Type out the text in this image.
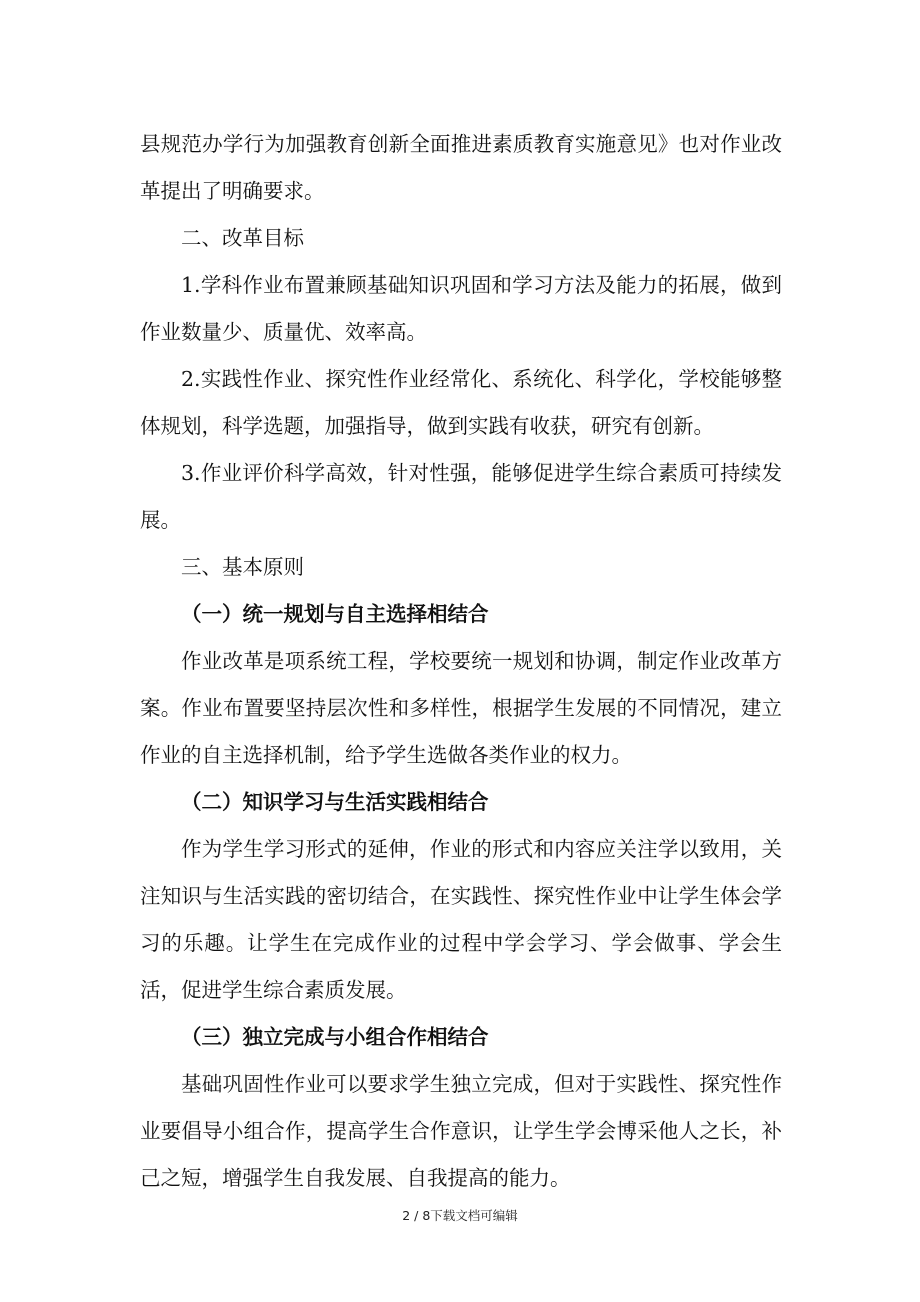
县规范办学行为加强教育创新全面推进素质教育实施意见》也对作业改革提出了明确要求。

二、改革目标

1.学科作业布置兼顾基础知识巩固和学习方法及能力的拓展，做到作业数量少、质量优、效率高。

2.实践性作业、探究性作业经常化、系统化、科学化，学校能够整体规划，科学选题，加强指导，做到实践有收获，研究有创新。

3.作业评价科学高效，针对性强，能够促进学生综合素质可持续发展。

三、基本原则

（一）统一规划与自主选择相结合

作业改革是项系统工程，学校要统一规划和协调，制定作业改革方案。作业布置要坚持层次性和多样性，根据学生发展的不同情况，建立作业的自主选择机制，给予学生选做各类作业的权力。

（二）知识学习与生活实践相结合

作为学生学习形式的延伸，作业的形式和内容应关注学以致用，关注知识与生活实践的密切结合，在实践性、探究性作业中让学生体会学习的乐趣。让学生在完成作业的过程中学会学习、学会做事、学会生活，促进学生综合素质发展。

（三）独立完成与小组合作相结合

基础巩固性作业可以要求学生独立完成，但对于实践性、探究性作业要倡导小组合作，提高学生合作意识，让学生学会博采他人之长，补己之短，增强学生自我发展、自我提高的能力。

2 / 8下载文档可编辑
